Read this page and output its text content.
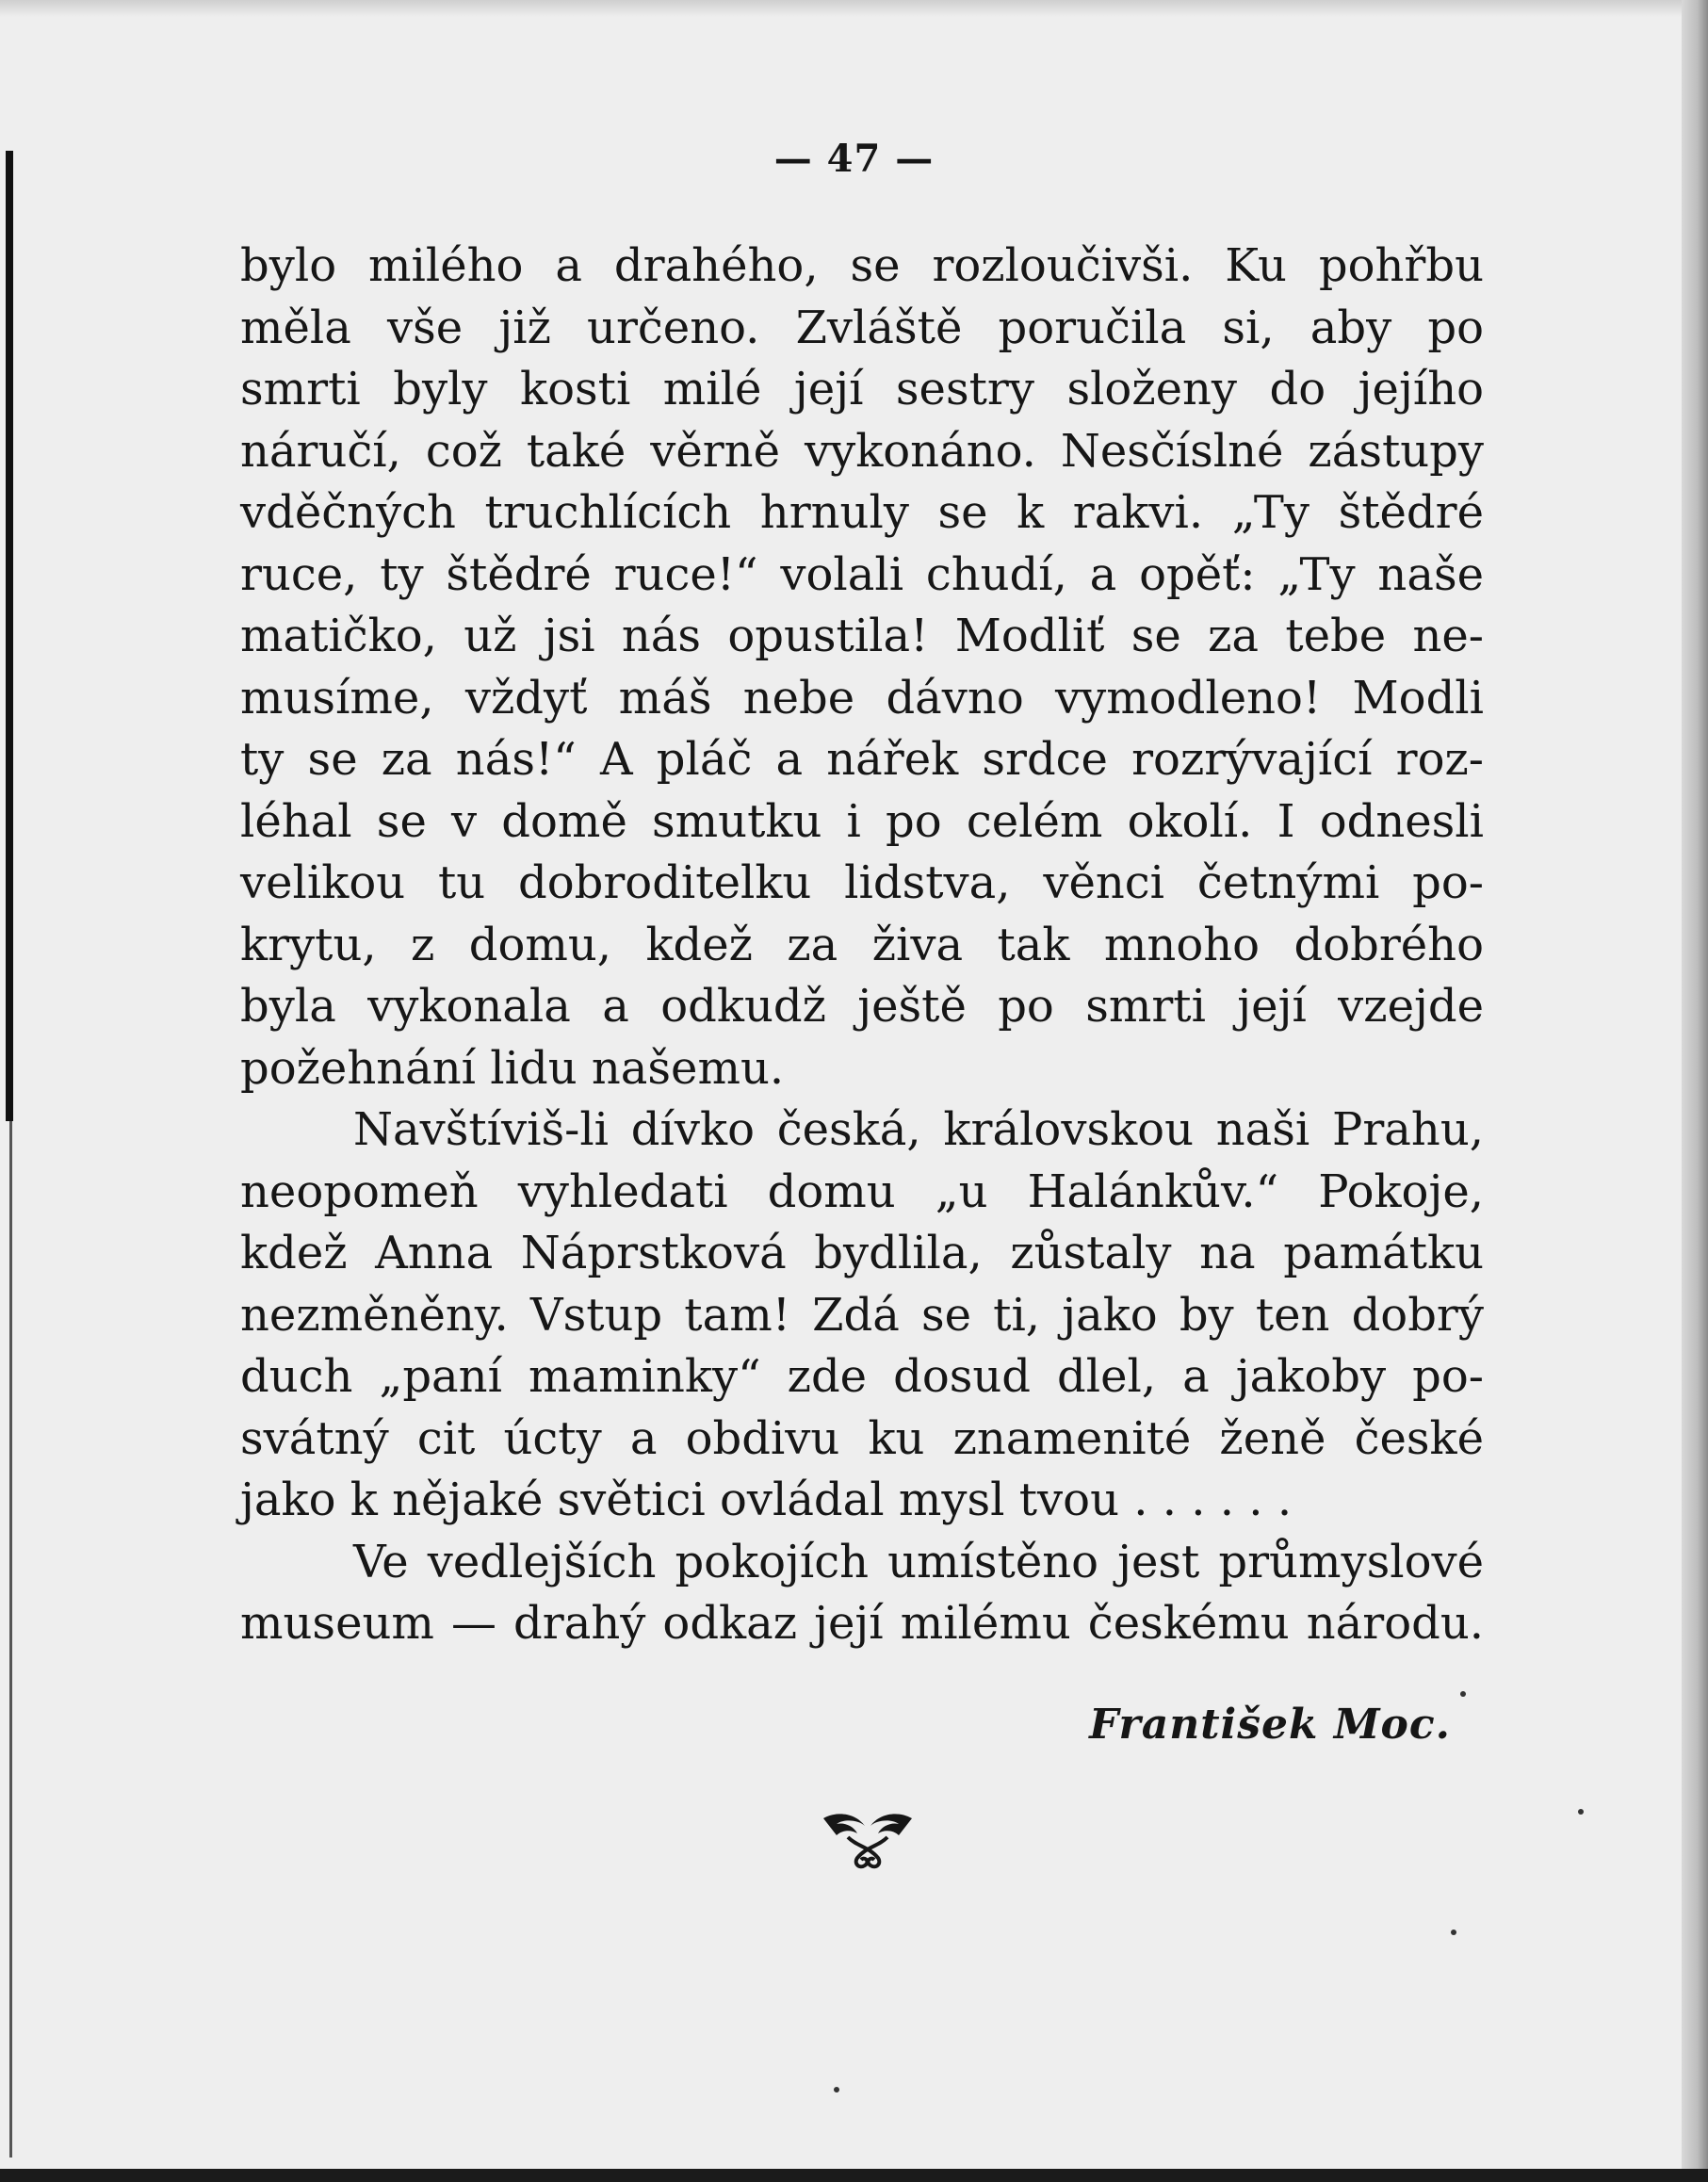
— 47 —
bylo milého a drahého, se rozloučivši. Ku pohřbu
měla vše již určeno. Zvláště poručila si, aby po
smrti byly kosti milé její sestry složeny do jejího
náručí, což také věrně vykonáno. Nesčíslné zástupy
vděčných truchlících hrnuly se k rakvi. „Ty štědré
ruce, ty štědré ruce!“ volali chudí, a opěť: „Ty naše
matičko, už jsi nás opustila! Modliť se za tebe ne-
musíme, vždyť máš nebe dávno vymodleno! Modli
ty se za nás!“ A pláč a nářek srdce rozrývající roz-
léhal se v domě smutku i po celém okolí. I odnesli
velikou tu dobroditelku lidstva, věnci četnými po-
krytu, z domu, kdež za živa tak mnoho dobrého
byla vykonala a odkudž ještě po smrti její vzejde
požehnání lidu našemu.
Navštíviš-li dívko česká, královskou naši Prahu,
neopomeň vyhledati domu „u Halánkův.“ Pokoje,
kdež Anna Náprstková bydlila, zůstaly na památku
nezměněny. Vstup tam! Zdá se ti, jako by ten dobrý
duch „paní maminky“ zde dosud dlel, a jakoby po-
svátný cit úcty a obdivu ku znamenité ženě české
jako k nějaké světici ovládal mysl tvou . . . . . .
Ve vedlejších pokojích umístěno jest průmyslové
museum — drahý odkaz její milému českému národu.
František Moc.
